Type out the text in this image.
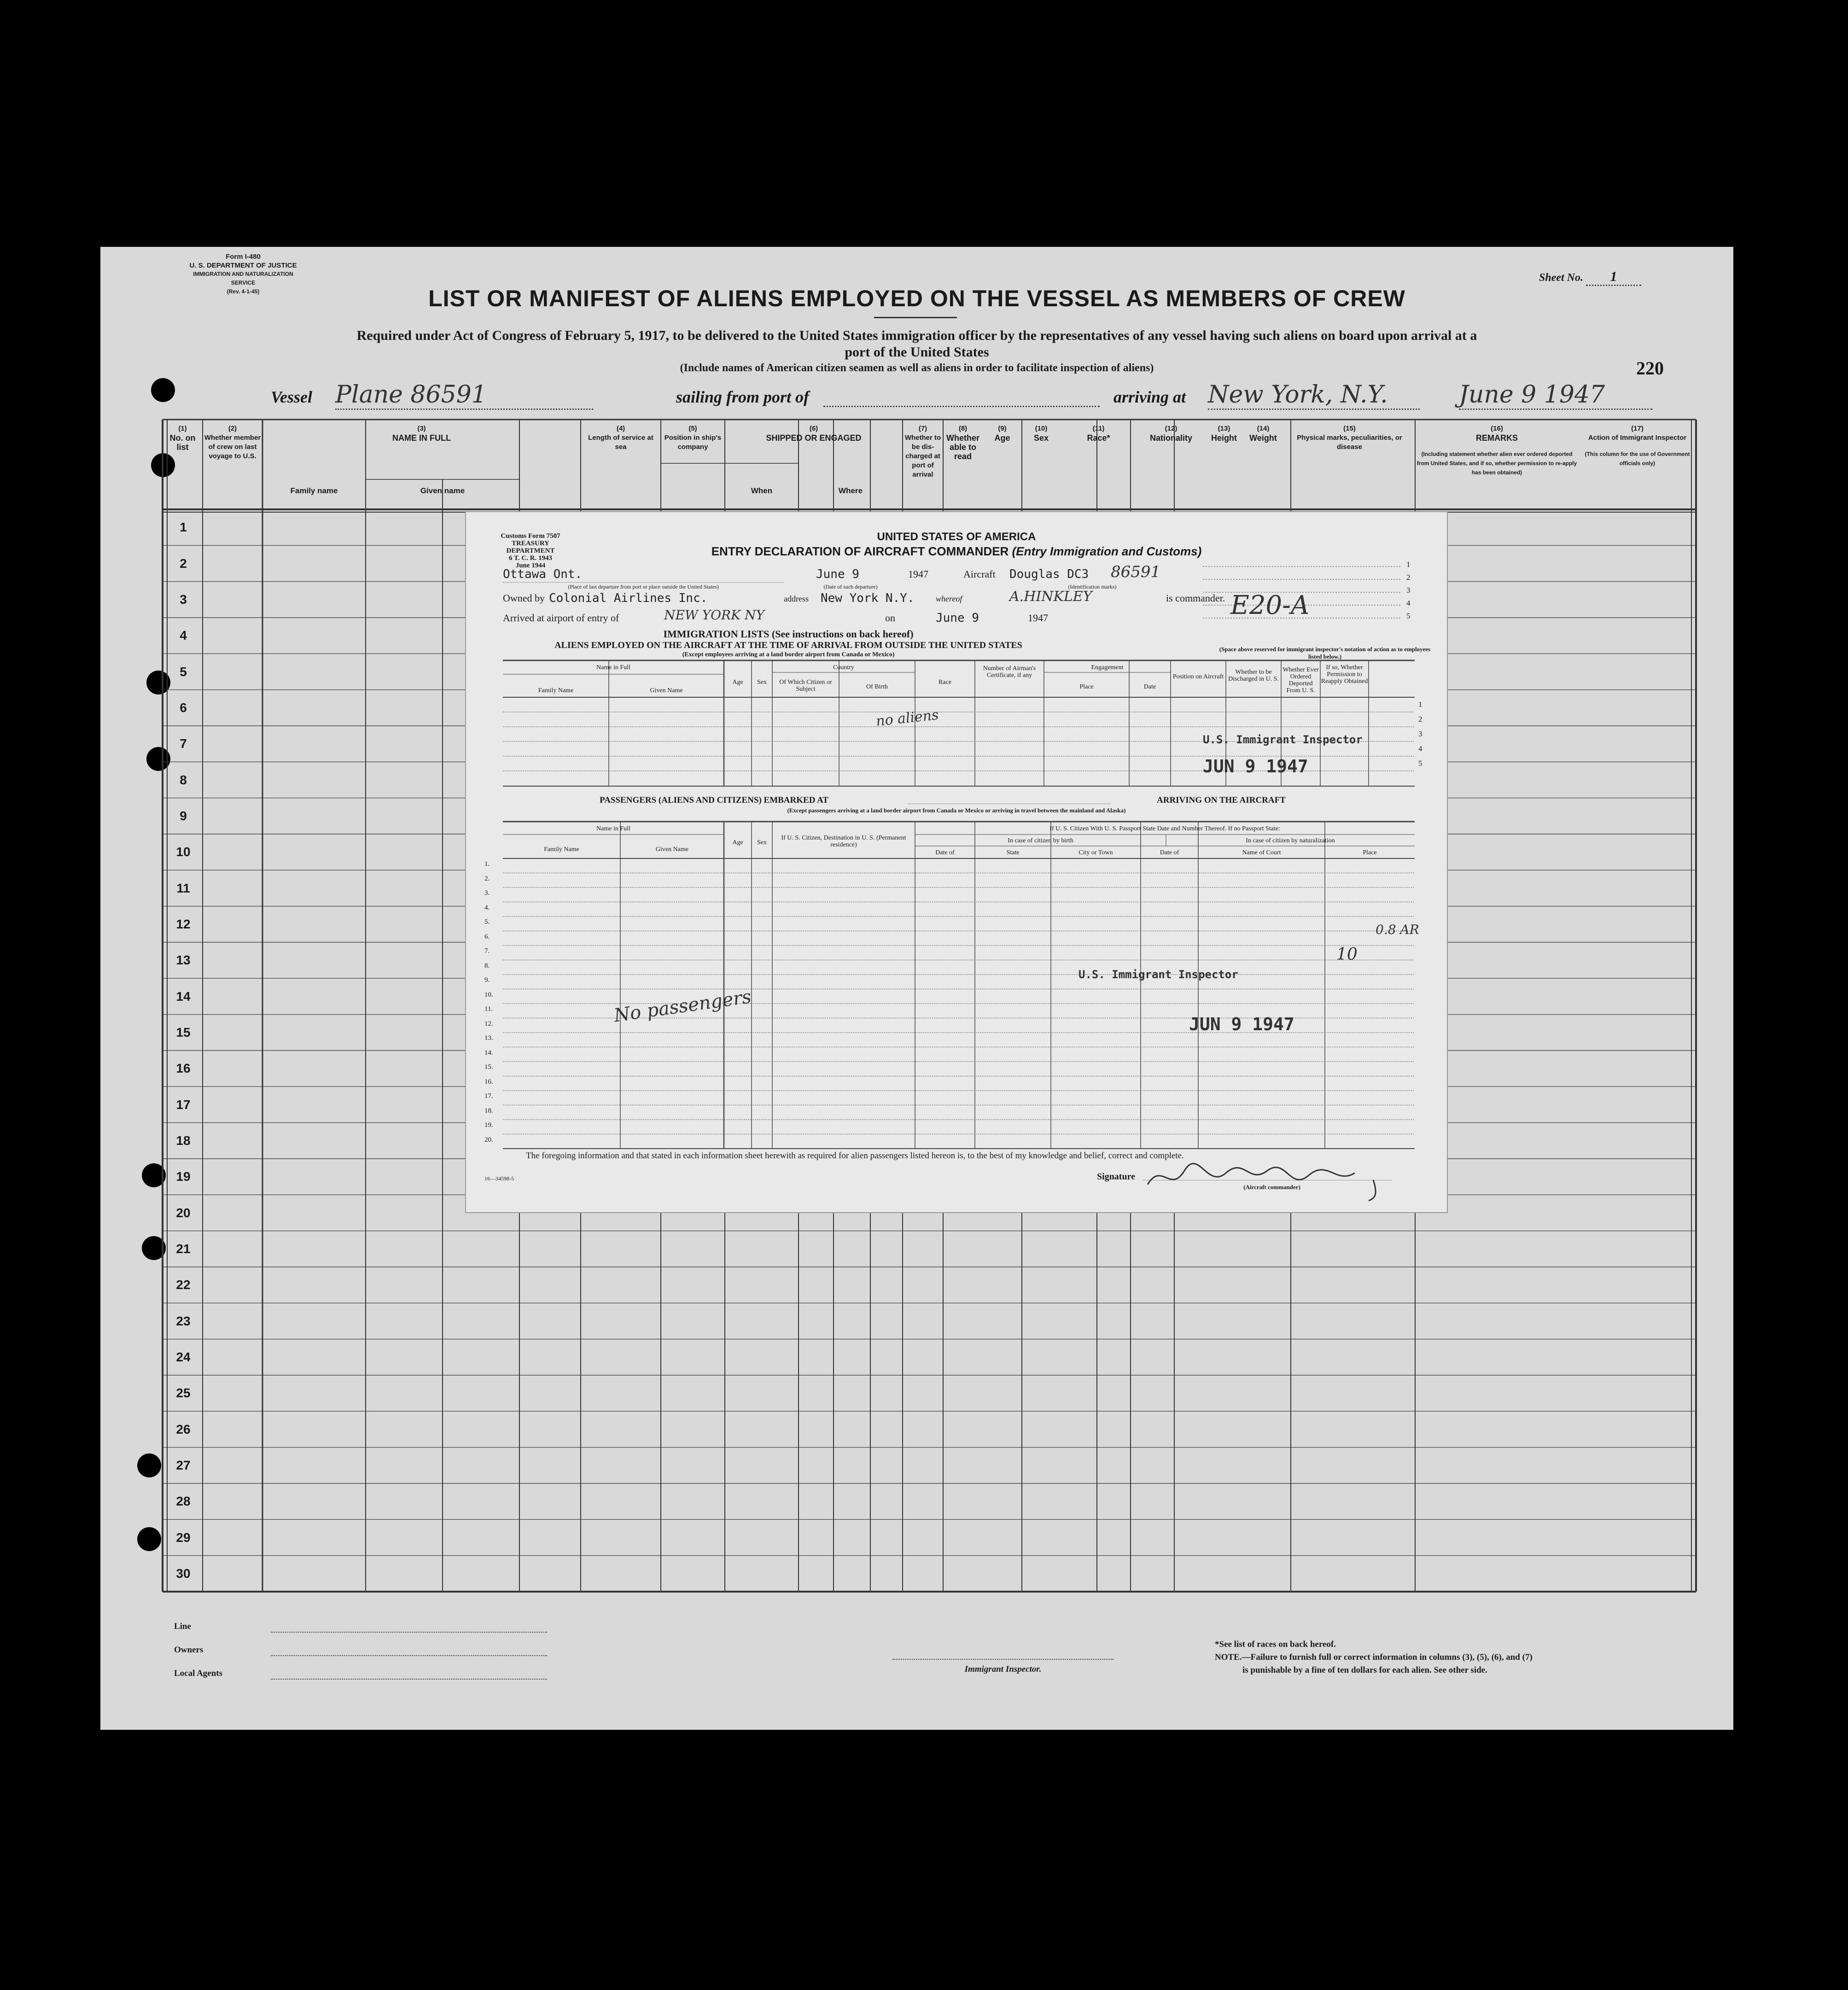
Form I-480
U. S. DEPARTMENT OF JUSTICE
IMMIGRATION AND NATURALIZATION SERVICE
(Rev. 4-1-45)
Sheet No. 1
LIST OR MANIFEST OF ALIENS EMPLOYED ON THE VESSEL AS MEMBERS OF CREW
Required under Act of Congress of February 5, 1917, to be delivered to the United States immigration officer by the representatives of any vessel having such aliens on board upon arrival at a
port of the United States
(Include names of American citizen seamen as well as aliens in order to facilitate inspection of aliens)	220
Vessel Plane 86591	sailing from port of	arriving at New York, N.Y.	June 9 1947
(1)
No. on list
(2)
Whether member of crew on last voyage to U.S.
(3)
NAME IN FULL
(4)
Length of service at sea
(5)
Position in ship's company
(6)
SHIPPED OR ENGAGED
(7)
Whether to be dis-charged at port of arrival
(8)
Whether able to read
(9)
Age
(10)
Sex
(11)
Race*
(12)
Nationality
(13)
Height
(14)
Weight
(15)
Physical marks, peculiarities, or disease
(16)
REMARKS
(Including statement whether alien ever ordered deported from United States, and if so, whether permission to re-apply has been obtained)
(17)
Action of Immigrant Inspector
(This column for the use of Government officials only)
Family name	Given name	When	Where
1
2
3
4
5
6
7
8
9
10
11
12
13
14
15
16
17
18
19
20
21
22
23
24
25
26
27
28
29
30
Line
Owners
Local Agents	Immigrant Inspector.
*See list of races on back hereof.
NOTE.—Failure to furnish full or correct information in columns (3), (5), (6), and (7)
is punishable by a fine of ten dollars for each alien. See other side.
Customs Form 7507
TREASURY DEPARTMENT
6 T. C. R. 1943
June 1944
UNITED STATES OF AMERICA
ENTRY DECLARATION OF AIRCRAFT COMMANDER (Entry Immigration and Customs)
Ottawa Ont.
(Place of last departure from port or place outside the United States)
June 9
(Date of such departure)
1947	Aircraft Douglas DC3 86591
(Identification marks)
Owned by Colonial Airlines Inc.	address New York N.Y.	whereof	A.HINKLEY	is commander.
Arrived at airport of entry of	NEW YORK NY	on	June 9	1947	E20-A
1
2
3
4
5
IMMIGRATION LISTS (See instructions on back hereof)
ALIENS EMPLOYED ON THE AIRCRAFT AT THE TIME OF ARRIVAL FROM OUTSIDE THE UNITED STATES
(Except employees arriving at a land border airport from Canada or Mexico)
(Space above reserved for immigrant inspector's notation of action as to employees listed below.)
Name in Full
Family Name	Given Name
Age	Sex
Country
Of Which Citizen or Subject	Of Birth
Race
Number of Airman's Certificate, if any
Engagement
Place	Date
Position on Aircraft
Whether to be Discharged in U. S.
Whether Ever Ordered Deported From U. S.
If so, Whether Permission to Reapply Obtained
1
2
3
4
5
no aliens
U.S. Immigrant Inspector
JUN 9 1947
PASSENGERS (ALIENS AND CITIZENS) EMBARKED AT	ARRIVING ON THE AIRCRAFT
(Except passengers arriving at a land border airport from Canada or Mexico or arriving in travel between the mainland and Alaska)
Name in Full
Family Name	Given Name
Age	Sex
If U. S. Citizen, Destination in U. S. (Permanent residence)
If U. S. Citizen With U. S. Passport State Date and Number Thereof. If no Passport State:
In case of citizen by birth	In case of citizen by naturalization
Date of	State	City or Town	Date of	Name of Court	Place
1.
2.
3.
4.
5.
6.
7.
8.
9.
10.
11.
12.
13.
14.
15.
16.
17.
18.
19.
20.
No passengers
U.S. Immigrant Inspector
JUN 9 1947
10
0.8 AR
The foregoing information and that stated in each information sheet herewith as required for alien passengers listed hereon is, to the best of my knowledge and belief, correct and complete.
16—34598-5	Signature
(Aircraft commander)
